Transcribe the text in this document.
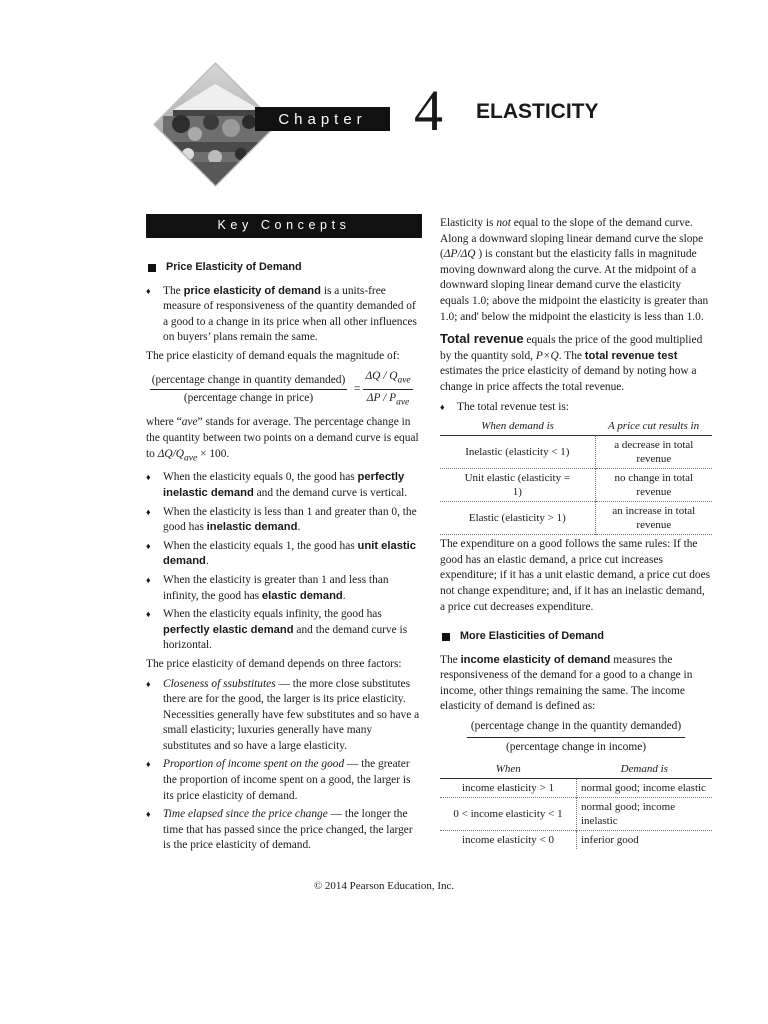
Chapter 4 ELASTICITY
Key Concepts
Price Elasticity of Demand
♦ The price elasticity of demand is a units-free measure of responsiveness of the quantity demanded of a good to a change in its price when all other influences on buyers’ plans remain the same.

The price elasticity of demand equals the magnitude of:

(percentage change in quantity demanded)
(percentage change in price)
=
ΔQ / $Q_{ave}$
ΔP / $P_{ave}$

where “ave” stands for average. The percentage change in the quantity between two points on a demand curve is equal to $\Delta Q/Q_{ave} \times 100$.

♦ When the elasticity equals 0, the good has perfectly inelastic demand and the demand curve is vertical.
♦ When the elasticity is less than 1 and greater than 0, the good has inelastic demand.
♦ When the elasticity equals 1, the good has unit elastic demand.
♦ When the elasticity is greater than 1 and less than infinity, the good has elastic demand.
♦ When the elasticity equals infinity, the good has perfectly elastic demand and the demand curve is horizontal.

The price elasticity of demand depends on three factors:

♦ Closeness of ssubstitutes — the more close substitutes there are for the good, the larger is its price elasticity. Necessities generally have few substitutes and so have a small elasticity; luxuries generally have many substitutes and so have a large elasticity.
♦ Proportion of income spent on the good — the greater the proportion of income spent on a good, the larger is its price elasticity of demand.
♦ Time elapsed since the price change — the longer the time that has passed since the price changed, the larger is the price elasticity of demand.

Elasticity is not equal to the slope of the demand curve. Along a downward sloping linear demand curve the slope (ΔP/ΔQ ) is constant but the elasticity falls in magnitude moving downward along the curve. At the midpoint of a downward sloping linear demand curve the elasticity equals 1.0; above the midpoint the elasticity is greater than 1.0; and' below the midpoint the elasticity is less than 1.0.

Total revenue equals the price of the good multiplied by the quantity sold, P×Q. The total revenue test estimates the price elasticity of demand by noting how a change in price affects the total revenue.

♦ The total revenue test is:
When demand is	A price cut results in
Inelastic (elasticity < 1)	a decrease in total revenue
Unit elastic (elasticity = 1)	no change in total revenue
Elastic (elasticity > 1)	an increase in total revenue

The expenditure on a good follows the same rules: If the good has an elastic demand, a price cut increases expenditure; if it has a unit elastic demand, a price cut does not change expenditure; and, if it has an inelastic demand, a price cut decreases expenditure.

More Elasticities of Demand

The income elasticity of demand measures the responsiveness of the demand for a good to a change in income, other things remaining the same. The income elasticity of demand is defined as:

(percentage change in the quantity demanded)
(percentage change in income)
When	Demand is
income elasticity > 1	normal good; income elastic
0 < income elasticity < 1	normal good; income inelastic
income elasticity < 0	inferior good
© 2014 Pearson Education, Inc.
